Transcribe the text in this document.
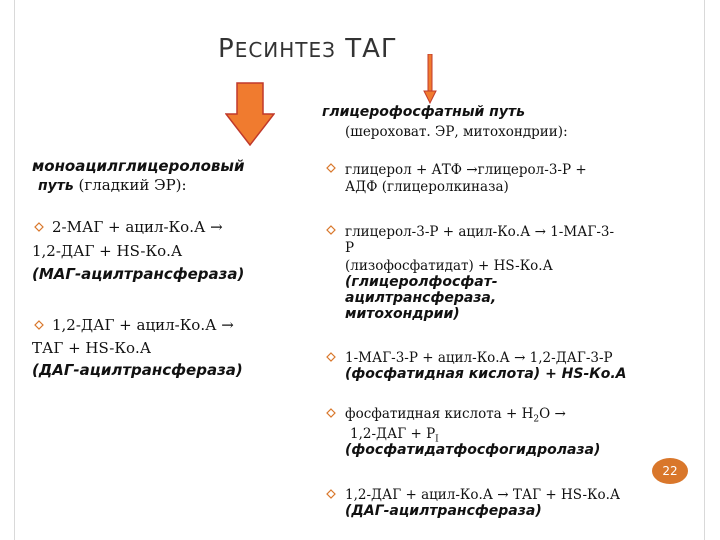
РЕСИНТЕЗ ТАГ
глицерофосфатный путь
(шероховат. ЭР, митохондрии):
глицерол + АТФ →глицерол-3-Р +
АДФ (глицеролкиназа)
глицерол-3-Р + ацил-Ко.А → 1-МАГ-3-
Р
(лизофосфатидат) + HS-Ко.А
(глицеролфосфат-
ацилтрансфераза,
митохондрии)
1-МАГ-3-Р + ацил-Ко.А → 1,2-ДАГ-3-Р
(фосфатидная кислота) + HS-Ко.А
фосфатидная кислота + $Н_2О$ →
$1,2-ДАГ + Р_I$
(фосфатидатфосфогидролаза)
1,2-ДАГ + ацил-Ко.А → ТАГ + HS-Ко.А
(ДАГ-ацилтрансфераза)
моноацилглицероловый
путь (гладкий ЭР):
2-МАГ + ацил-Ко.А →
1,2-ДАГ + HS-Ко.А
(МАГ-ацилтрансфераза)
1,2-ДАГ + ацил-Ко.А →
ТАГ + HS-Ко.А
(ДАГ-ацилтрансфераза)
22
